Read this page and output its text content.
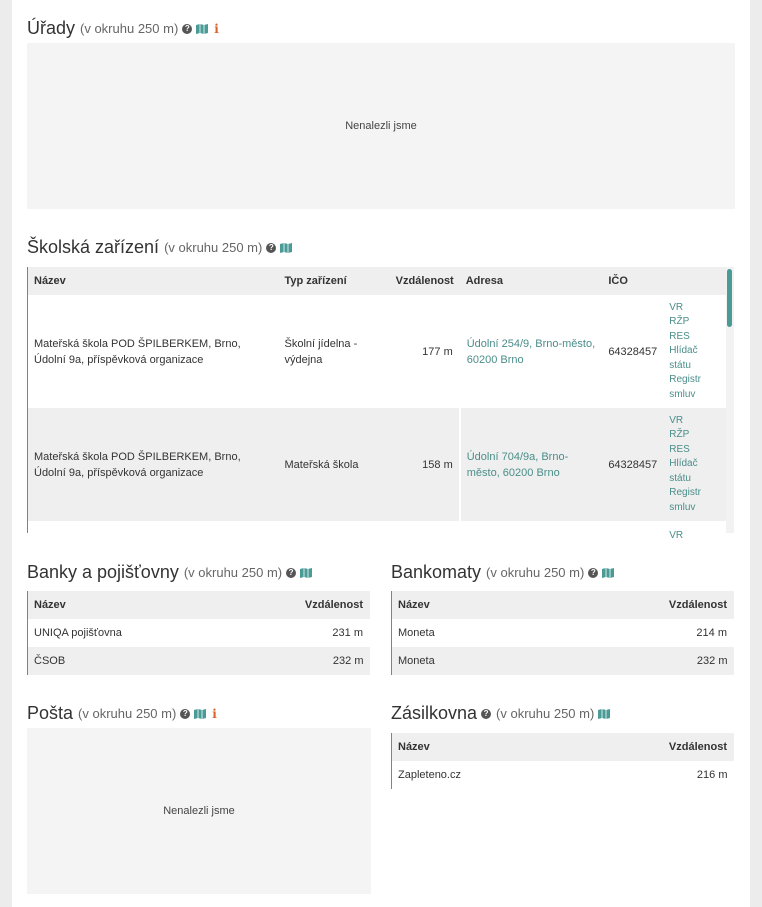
Úřady (v okruhu 250 m) ? i
Nenalezli jsme
Školská zařízení (v okruhu 250 m) ?
Název	Typ zařízení	Vzdálenost	Adresa	IČO	
Mateřská škola POD ŠPILBERKEM, Brno, Údolní 9a, příspěvková organizace	Školní jídelna - výdejna	177 m	Údolní 254/9, Brno-město, 60200 Brno	64328457	VR
RŽP
RES
Hlídač státu
Registr smluv

Mateřská škola POD ŠPILBERKEM, Brno, Údolní 9a, příspěvková organizace	Mateřská škola	158 m	Údolní 704/9a, Brno-město, 60200 Brno	64328457	VR
RŽP
RES
Hlídač státu
Registr smluv

					VR
Banky a pojišťovny (v okruhu 250 m) ?
Název	Vzdálenost
UNIQA pojišťovna	231 m
ČSOB	232 m
Bankomaty (v okruhu 250 m) ?
Název	Vzdálenost
Moneta	214 m
Moneta	232 m
Pošta (v okruhu 250 m) ? i
Nenalezli jsme
Zásilkovna ? (v okruhu 250 m)
Název	Vzdálenost
Zapleteno.cz	216 m
